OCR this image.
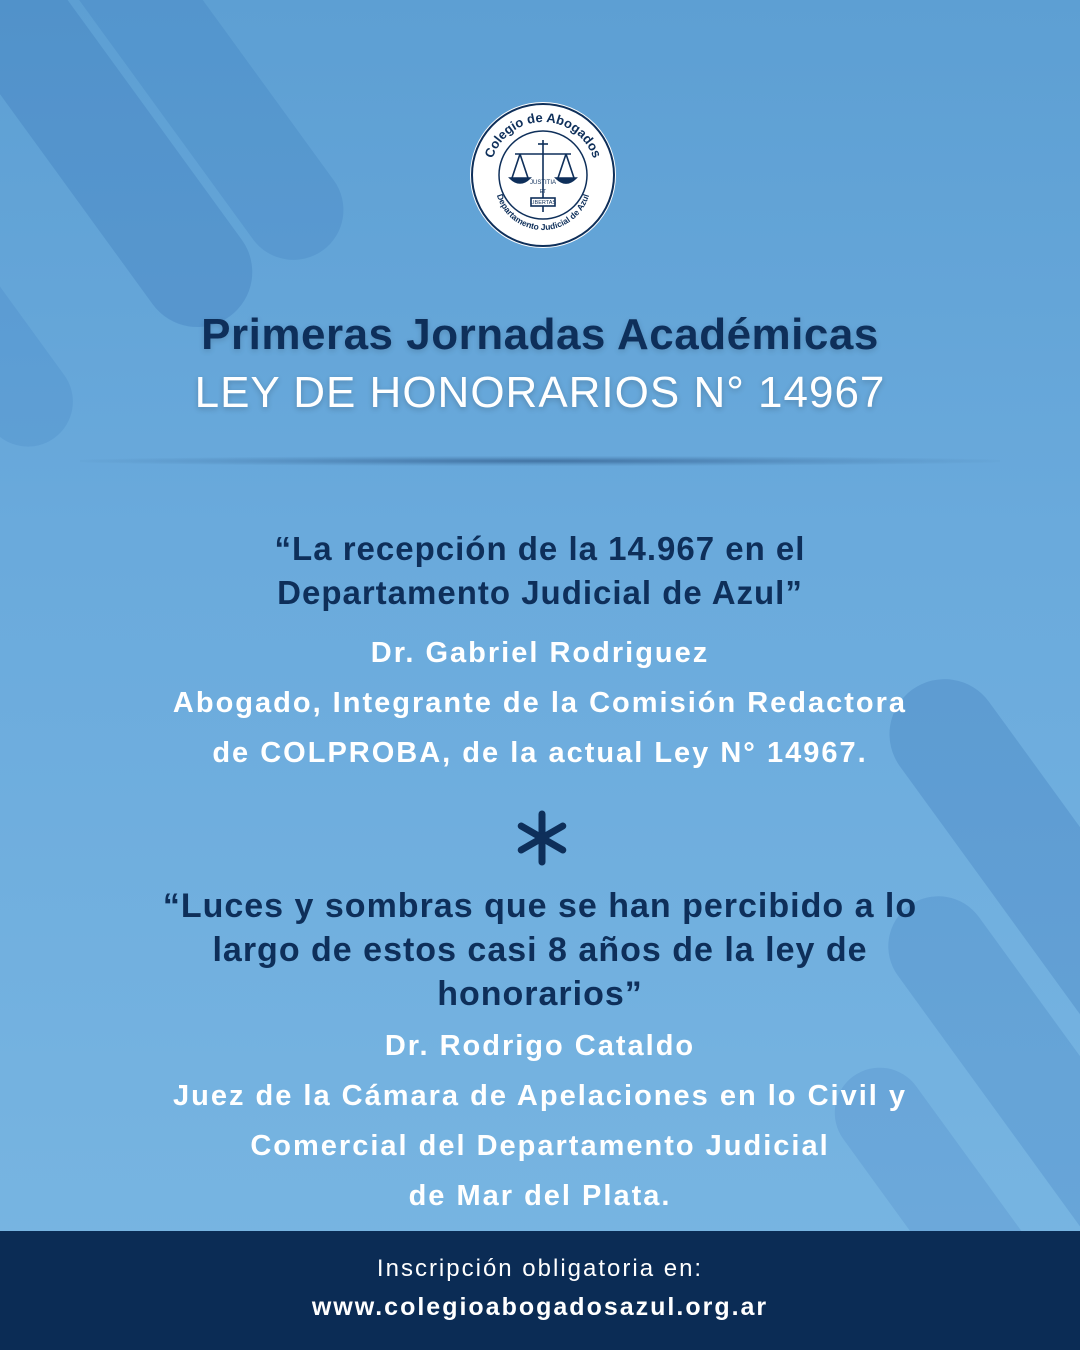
Colegio de Abogados
Departamento Judicial de Azul
JUSTITIA
ET
LIBERTAS

Primeras Jornadas Académicas

LEY DE HONORARIOS N° 14967

“La recepción de la 14.967 en el
Departamento Judicial de Azul”
Dr. Gabriel Rodriguez
Abogado, Integrante de la Comisión Redactora
de COLPROBA, de la actual Ley N° 14967.
“Luces y sombras que se han percibido a lo
largo de estos casi 8 años de la ley de
honorarios”
Dr. Rodrigo Cataldo
Juez de la Cámara de Apelaciones en lo Civil y
Comercial del Departamento Judicial
de Mar del Plata.

Inscripción obligatoria en:

www.colegioabogadosazul.org.ar
